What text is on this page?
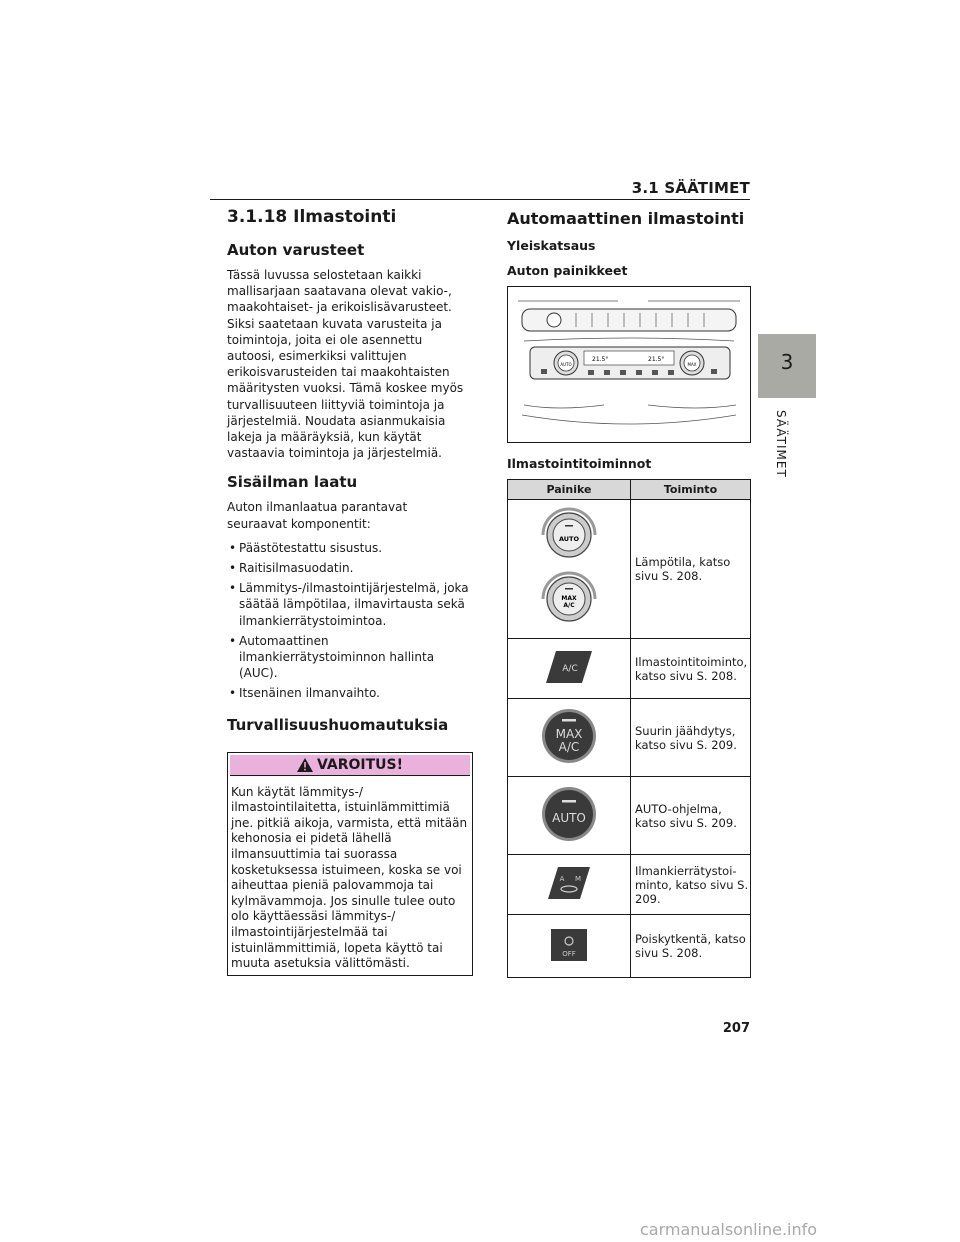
3.1 SÄÄTIMET
3
SÄÄTIMET
3.1.18 Ilmastointi
Auton varusteet

Tässä luvussa selostetaan kaikki mallisarjaan saatavana olevat vakio-, maakohtaiset- ja erikoislisävarusteet. Siksi saatetaan kuvata varusteita ja toimintoja, joita ei ole asennettu autoosi, esimerkiksi valittujen erikoisvarusteiden tai maakohtaisten määritysten vuoksi. Tämä koskee myös turvallisuuteen liittyviä toimintoja ja järjestelmiä. Noudata asianmukaisia lakeja ja määräyksiä, kun käytät vastaavia toimintoja ja järjestelmiä.

Sisäilman laatu

Auton ilmanlaatua parantavat seuraavat komponentit:

• Päästötestattu sisustus.
• Raitisilmasuodatin.
• Lämmitys-/ilmastointijärjestelmä, joka säätää lämpötilaa, ilmavirtausta sekä ilmankierrätystoimintoa.
• Automaattinen ilmankierrätystoiminnon hallinta (AUC).
• Itsenäinen ilmanvaihto.
Turvallisuushuomautuksia
VAROITUS!
Kun käytät lämmitys-/ ilmastointilaitetta, istuinlämmittimiä jne. pitkiä aikoja, varmista, että mitään kehonosia ei pidetä lähellä ilmansuuttimia tai suorassa kosketuksessa istuimeen, koska se voi aiheuttaa pieniä palovammoja tai kylmävammoja. Jos sinulle tulee outo olo käyttäessäsi lämmitys-/ ilmastointijärjestelmää tai istuinlämmittimiä, lopeta käyttö tai muuta asetuksia välittömästi.
Automaattinen ilmastointi
Yleiskatsaus
Auton painikkeet
AUTO	MAX
21.5°	21.5°
Ilmastointitoiminnot
Painike	Toiminto

AUTO
MAX
A/C	Lämpötila, katso sivu S. 208.

A/C	Ilmastointitoiminto, katso sivu S. 208.

MAX
A/C	Suurin jäähdytys, katso sivu S. 209.

AUTO	AUTO-ohjelma, katso sivu S. 209.

A M	Ilmankierrätystoi- minto, katso sivu S. 209.

OFF	Poiskytkentä, katso sivu S. 208.
207
carmanualsonline.info
